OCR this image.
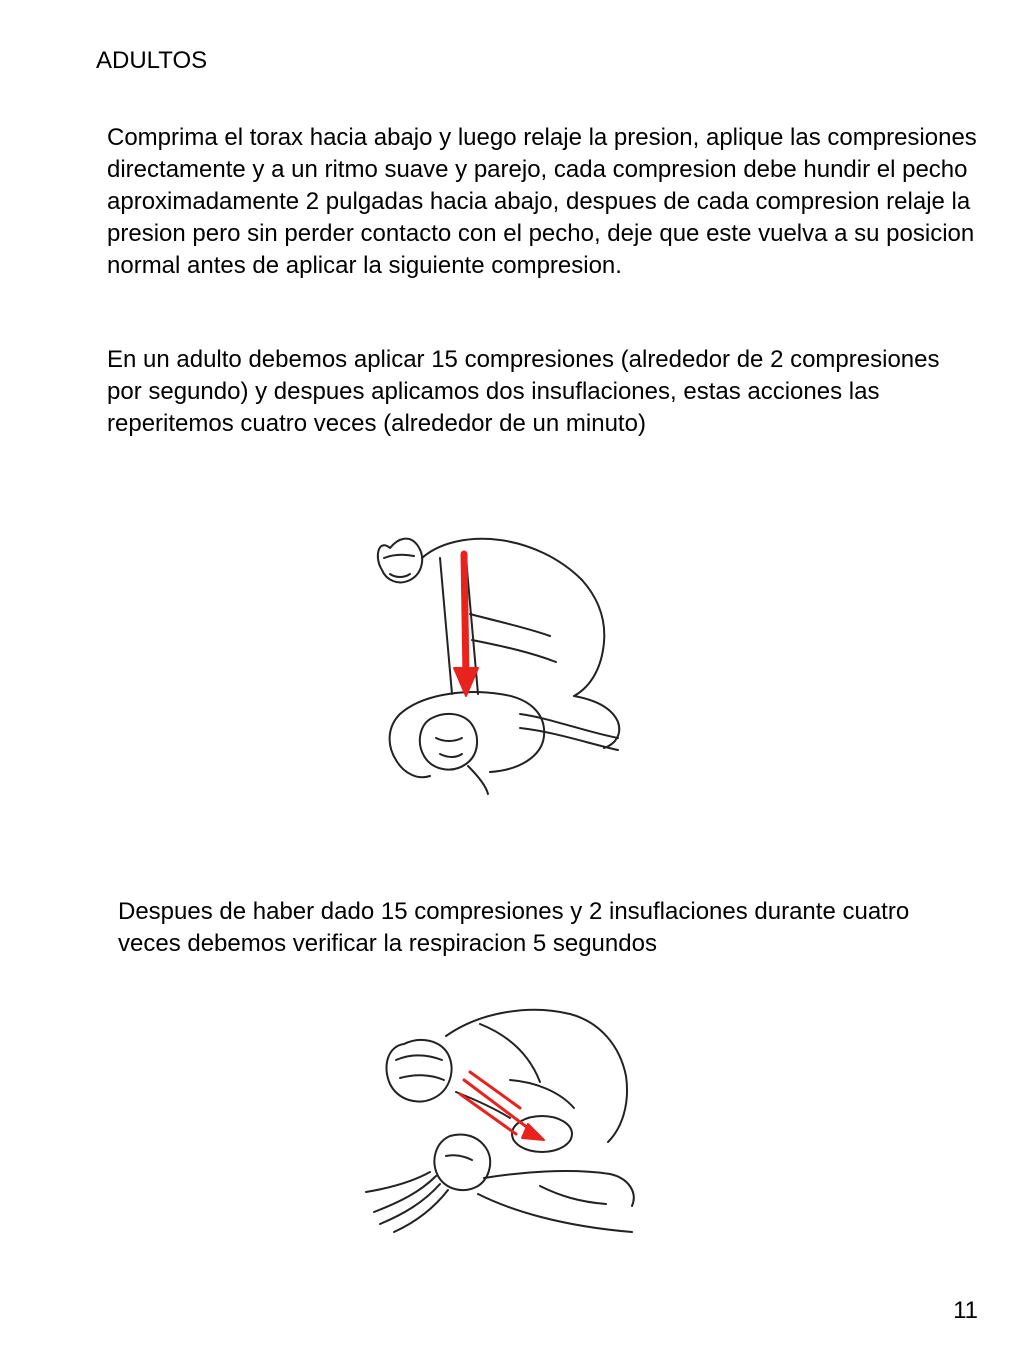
ADULTOS

Comprima el torax hacia abajo y luego relaje la presion, aplique las compresiones directamente y a un ritmo suave y parejo, cada compresion debe hundir el pecho aproximadamente 2 pulgadas hacia abajo, despues de cada compresion relaje la presion pero sin perder contacto con el pecho, deje que este vuelva a su posicion normal antes de aplicar la siguiente compresion.

En un adulto debemos aplicar 15 compresiones (alrededor de 2 compresiones por segundo) y despues aplicamos dos insuflaciones, estas acciones las reperitemos cuatro veces (alrededor de un minuto)

Despues de haber dado 15 compresiones y 2 insuflaciones durante cuatro veces debemos verificar la respiracion 5 segundos

11
